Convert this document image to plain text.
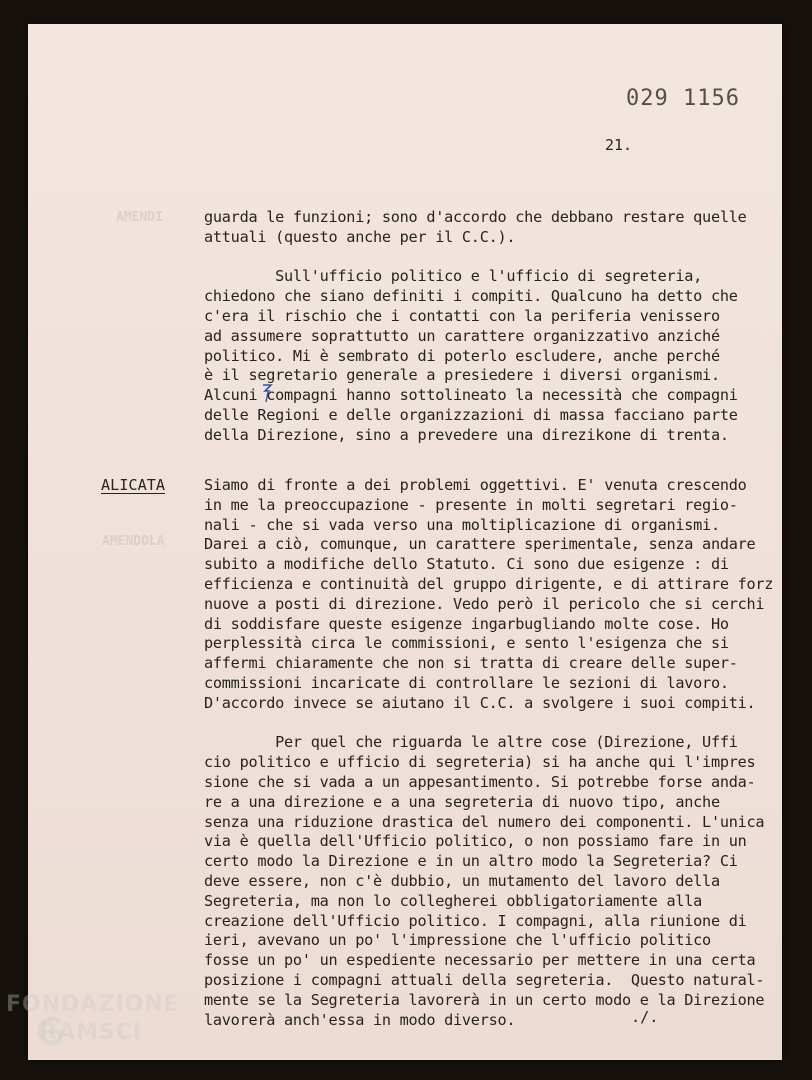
029 1156
21.
AMENDI
AMENDOLA
guarda le funzioni; sono d'accordo che debbano restare quelle
attuali (questo anche per il C.C.).

Sull'ufficio politico e l'ufficio di segreteria,
chiedono che siano definiti i compiti. Qualcuno ha detto che
c'era il rischio che i contatti con la periferia venissero
ad assumere soprattutto un carattere organizzativo anziché
politico. Mi è sembrato di poterlo escludere, anche perché
è il segretario generale a presiedere i diversi organismi.
Alcuni compagni hanno sottolineato la necessità che compagni
delle Regioni e delle organizzazioni di massa facciano parte
della Direzione, sino a prevedere una direzikone di trenta.
ALICATA	Siamo di fronte a dei problemi oggettivi. E' venuta crescendo
in me la preoccupazione - presente in molti segretari regio-
nali - che si vada verso una moltiplicazione di organismi.
Darei a ciò, comunque, un carattere sperimentale, senza andare
subito a modifiche dello Statuto. Ci sono due esigenze : di
efficienza e continuità del gruppo dirigente, e di attirare forz
nuove a posti di direzione. Vedo però il pericolo che si cerchi
di soddisfare queste esigenze ingarbugliando molte cose. Ho
perplessità circa le commissioni, e sento l'esigenza che si
affermi chiaramente che non si tratta di creare delle super-
commissioni incaricate di controllare le sezioni di lavoro.
D'accordo invece se aiutano il C.C. a svolgere i suoi compiti.

Per quel che riguarda le altre cose (Direzione, Uffi
cio politico e ufficio di segreteria) si ha anche qui l'impres
sione che si vada a un appesantimento. Si potrebbe forse anda-
re a una direzione e a una segreteria di nuovo tipo, anche
senza una riduzione drastica del numero dei componenti. L'unica
via è quella dell'Ufficio politico, o non possiamo fare in un
certo modo la Direzione e in un altro modo la Segreteria? Ci
deve essere, non c'è dubbio, un mutamento del lavoro della
Segreteria, ma non lo collegherei obbligatoriamente alla
creazione dell'Ufficio politico. I compagni, alla riunione di
ieri, avevano un po' l'impressione che l'ufficio politico
fosse un po' un espediente necessario per mettere in una certa
posizione i compagni attuali della segreteria.  Questo natural-
mente se la Segreteria lavorerà in un certo modo e la Direzione
lavorerà anch'essa in modo diverso.	./.
FONDAZIONE
RAMSCI
